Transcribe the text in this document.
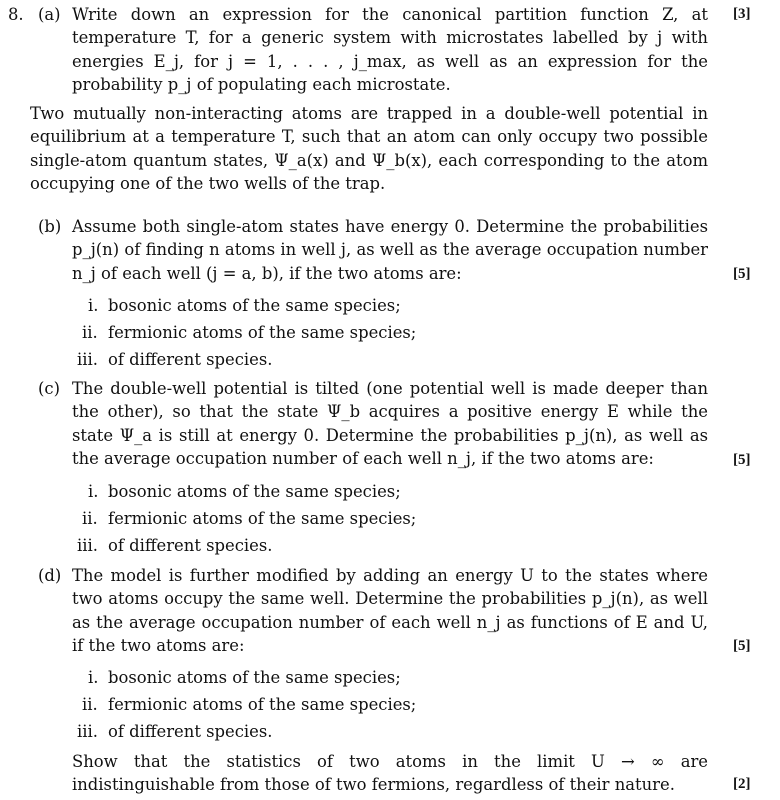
8. (a) Write down an expression for the canonical partition function Z, at temperature T, for a generic system with microstates labelled by j with energies E_j, for j = 1, . . . , j_max, as well as an expression for the probability p_j of populating each microstate.
[3]
Two mutually non-interacting atoms are trapped in a double-well potential in equilibrium at a temperature T, such that an atom can only occupy two possible single-atom quantum states, Ψ_a(x) and Ψ_b(x), each corresponding to the atom occupying one of the two wells of the trap.
(b) Assume both single-atom states have energy 0. Determine the probabilities p_j(n) of finding n atoms in well j, as well as the average occupation number n_j of each well (j = a, b), if the two atoms are:	[5]
i. bosonic atoms of the same species;
ii. fermionic atoms of the same species;
iii. of different species.
(c) The double-well potential is tilted (one potential well is made deeper than the other), so that the state Ψ_b acquires a positive energy E while the state Ψ_a is still at energy 0. Determine the probabilities p_j(n), as well as the average occupation number of each well n_j, if the two atoms are:	[5]
i. bosonic atoms of the same species;
ii. fermionic atoms of the same species;
iii. of different species.
(d) The model is further modified by adding an energy U to the states where two atoms occupy the same well. Determine the probabilities p_j(n), as well as the average occupation number of each well n_j as functions of E and U, if the two atoms are:	[5]
i. bosonic atoms of the same species;
ii. fermionic atoms of the same species;
iii. of different species.
Show that the statistics of two atoms in the limit U → ∞ are indistinguishable from those of two fermions, regardless of their nature.	[2]
